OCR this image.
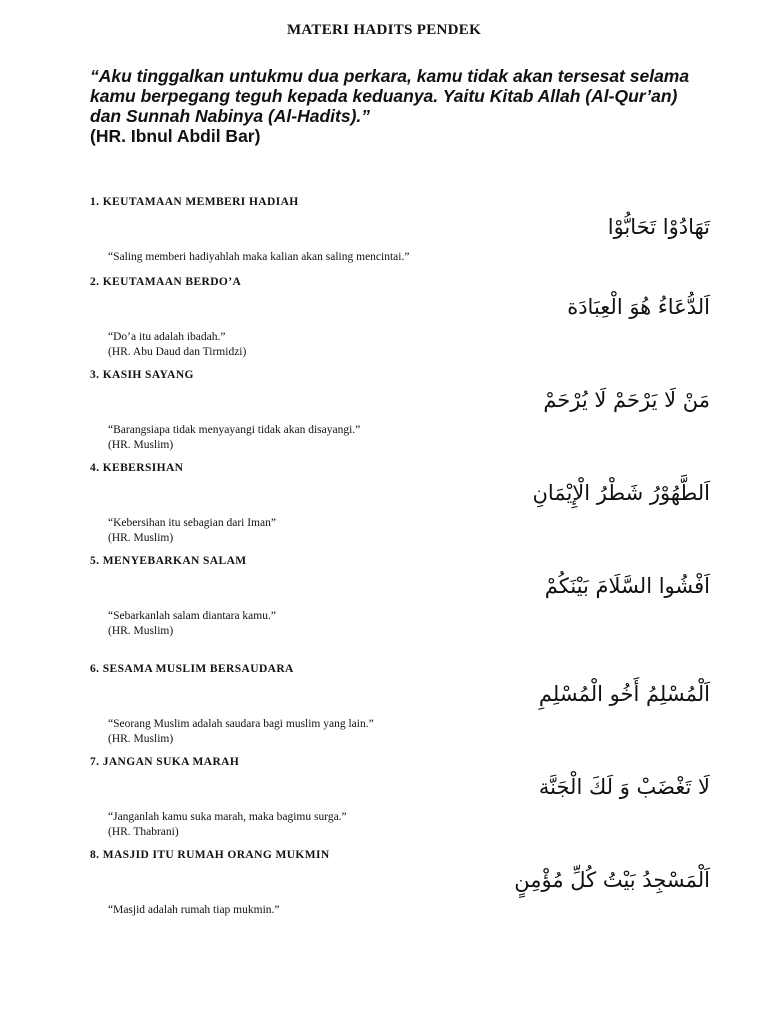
MATERI HADITS PENDEK
“Aku tinggalkan untukmu dua perkara, kamu tidak akan tersesat selama kamu berpegang teguh kepada keduanya. Yaitu Kitab Allah (Al-Qur’an) dan Sunnah Nabinya (Al-Hadits).”
(HR. Ibnul Abdil Bar)
1. KEUTAMAAN MEMBERI HADIAH
تَهَادُوْا تَحَابُّوْا
“Saling memberi hadiyahlah maka kalian akan saling mencintai.”
2. KEUTAMAAN BERDO’A
اَلدُّعَاءُ هُوَ الْعِبَادَة
“Do’a itu adalah ibadah.”
(HR. Abu Daud dan Tirmidzi)
3. KASIH SAYANG
مَنْ لَا يَرْحَمْ لَا يُرْحَمْ
“Barangsiapa tidak menyayangi tidak akan disayangi.”
(HR. Muslim)
4. KEBERSIHAN
اَلطَّهُوْرُ شَطْرُ الْإِيْمَانِ
“Kebersihan itu sebagian dari Iman”
(HR. Muslim)
5. MENYEBARKAN SALAM
اَفْشُوا السَّلَامَ بَيْنَكُمْ
“Sebarkanlah salam diantara kamu.”
(HR. Muslim)
6. SESAMA MUSLIM BERSAUDARA
اَلْمُسْلِمُ أَخُو الْمُسْلِمِ
“Seorang Muslim adalah saudara bagi muslim yang lain.”
(HR. Muslim)
7. JANGAN SUKA MARAH
لَا تَغْضَبْ وَ لَكَ الْجَنَّة
“Janganlah kamu suka marah, maka bagimu surga.”
(HR. Thabrani)
8. MASJID ITU RUMAH ORANG MUKMIN
اَلْمَسْجِدُ بَيْتُ كُلِّ مُؤْمِنٍ
“Masjid adalah rumah tiap mukmin.”
